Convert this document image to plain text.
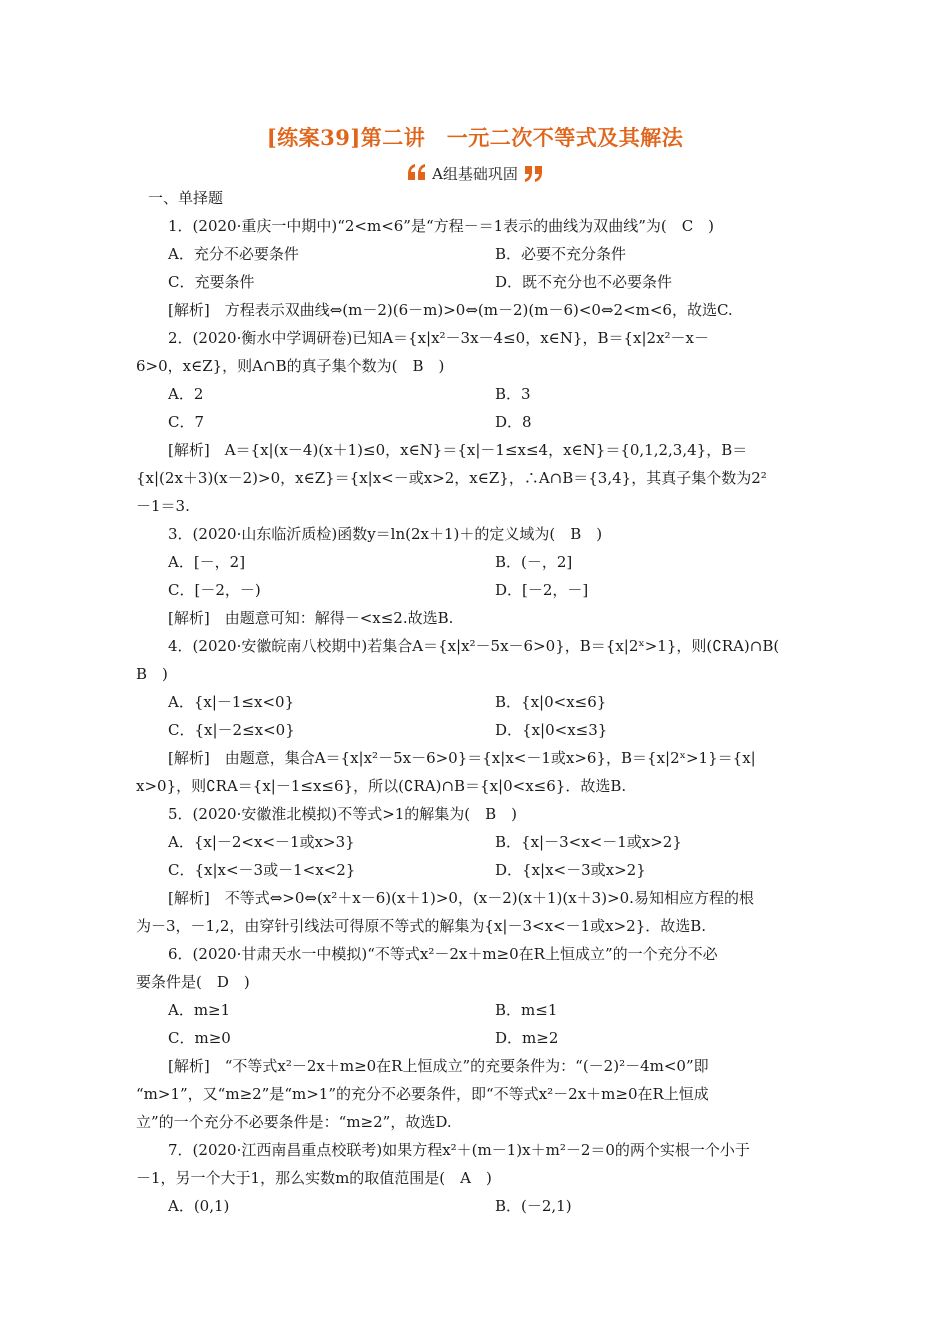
[练案39]第二讲　一元二次不等式及其解法
A组基础巩固
一、单择题
1．(2020·重庆一中期中)“2<m<6”是“方程－＝1表示的曲线为双曲线”为(　C　)
A．充分不必要条件	B．必要不充分条件
C．充要条件	D．既不充分也不必要条件
[解析]　方程表示双曲线⇔(m－2)(6－m)>0⇔(m－2)(m－6)<0⇔2<m<6，故选C.
2．(2020·衡水中学调研卷)已知A＝{x|x²－3x－4≤0，x∈N}，B＝{x|2x²－x－
6>0，x∈Z}，则A∩B的真子集个数为(　B　)
A．2	B．3
C．7	D．8
[解析]　A＝{x|(x－4)(x＋1)≤0，x∈N}＝{x|－1≤x≤4，x∈N}＝{0,1,2,3,4}，B＝
{x|(2x＋3)(x－2)>0，x∈Z}＝{x|x<－或x>2，x∈Z}，∴A∩B＝{3,4}，其真子集个数为2²
－1＝3.
3．(2020·山东临沂质检)函数y＝ln(2x＋1)＋的定义域为(　B　)
A．[－，2]	B．(－，2]
C．[－2，－)	D．[－2，－]
[解析]　由题意可知：解得－<x≤2.故选B.
4．(2020·安徽皖南八校期中)若集合A＝{x|x²－5x－6>0}，B＝{x|2ˣ>1}，则(∁RA)∩B(
B　)
A．{x|－1≤x<0}	B．{x|0<x≤6}
C．{x|－2≤x<0}	D．{x|0<x≤3}
[解析]　由题意，集合A＝{x|x²－5x－6>0}＝{x|x<－1或x>6}，B＝{x|2ˣ>1}＝{x|
x>0}，则∁RA＝{x|－1≤x≤6}，所以(∁RA)∩B＝{x|0<x≤6}．故选B.
5．(2020·安徽淮北模拟)不等式>1的解集为(　B　)
A．{x|－2<x<－1或x>3}	B．{x|－3<x<－1或x>2}
C．{x|x<－3或－1<x<2}	D．{x|x<－3或x>2}
[解析]　不等式⇔>0⇔(x²＋x－6)(x＋1)>0，(x－2)(x＋1)(x＋3)>0.易知相应方程的根
为－3，－1,2，由穿针引线法可得原不等式的解集为{x|－3<x<－1或x>2}．故选B.
6．(2020·甘肃天水一中模拟)“不等式x²－2x＋m≥0在R上恒成立”的一个充分不必
要条件是(　D　)
A．m≥1	B．m≤1
C．m≥0	D．m≥2
[解析]　“不等式x²－2x＋m≥0在R上恒成立”的充要条件为：“(－2)²－4m<0”即
“m>1”，又“m≥2”是“m>1”的充分不必要条件，即“不等式x²－2x＋m≥0在R上恒成
立”的一个充分不必要条件是：“m≥2”，故选D.
7．(2020·江西南昌重点校联考)如果方程x²＋(m－1)x＋m²－2＝0的两个实根一个小于
－1，另一个大于1，那么实数m的取值范围是(　A　)
A．(0,1)	B．(－2,1)
